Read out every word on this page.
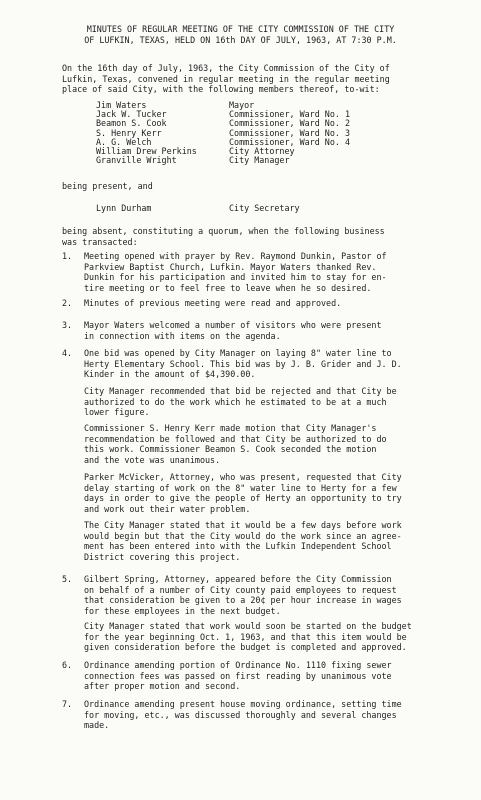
MINUTES OF REGULAR MEETING OF THE CITY COMMISSION OF THE CITY
OF LUFKIN, TEXAS, HELD ON 16th DAY OF JULY, 1963, AT 7:30 P.M.
On the 16th day of July, 1963, the City Commission of the City of
Lufkin, Texas, convened in regular meeting in the regular meeting
place of said City, with the following members thereof, to-wit:
Jim Waters	Mayor
Jack W. Tucker	Commissioner, Ward No. 1
Beamon S. Cook	Commissioner, Ward No. 2
S. Henry Kerr	Commissioner, Ward No. 3
A. G. Welch	Commissioner, Ward No. 4
William Drew Perkins	City Attorney
Granville Wright	City Manager
being present, and
Lynn Durham	City Secretary
being absent, constituting a quorum, when the following business
was transacted:
1. Meeting opened with prayer by Rev. Raymond Dunkin, Pastor of
Parkview Baptist Church, Lufkin. Mayor Waters thanked Rev.
Dunkin for his participation and invited him to stay for en-
tire meeting or to feel free to leave when he so desired.
2. Minutes of previous meeting were read and approved.
3. Mayor Waters welcomed a number of visitors who were present
in connection with items on the agenda.
4. One bid was opened by City Manager on laying 8" water line to
Herty Elementary School. This bid was by J. B. Grider and J. D.
Kinder in the amount of $4,390.00.
City Manager recommended that bid be rejected and that City be
authorized to do the work which he estimated to be at a much
lower figure.
Commissioner S. Henry Kerr made motion that City Manager's
recommendation be followed and that City be authorized to do
this work. Commissioner Beamon S. Cook seconded the motion
and the vote was unanimous.
Parker McVicker, Attorney, who was present, requested that City
delay starting of work on the 8" water line to Herty for a few
days in order to give the people of Herty an opportunity to try
and work out their water problem.
The City Manager stated that it would be a few days before work
would begin but that the City would do the work since an agree-
ment has been entered into with the Lufkin Independent School
District covering this project.
5. Gilbert Spring, Attorney, appeared before the City Commission
on behalf of a number of City county paid employees to request
that consideration be given to a 20¢ per hour increase in wages
for these employees in the next budget.
City Manager stated that work would soon be started on the budget
for the year beginning Oct. 1, 1963, and that this item would be
given consideration before the budget is completed and approved.
6. Ordinance amending portion of Ordinance No. 1110 fixing sewer
connection fees was passed on first reading by unanimous vote
after proper motion and second.
7. Ordinance amending present house moving ordinance, setting time
for moving, etc., was discussed thoroughly and several changes
made.
